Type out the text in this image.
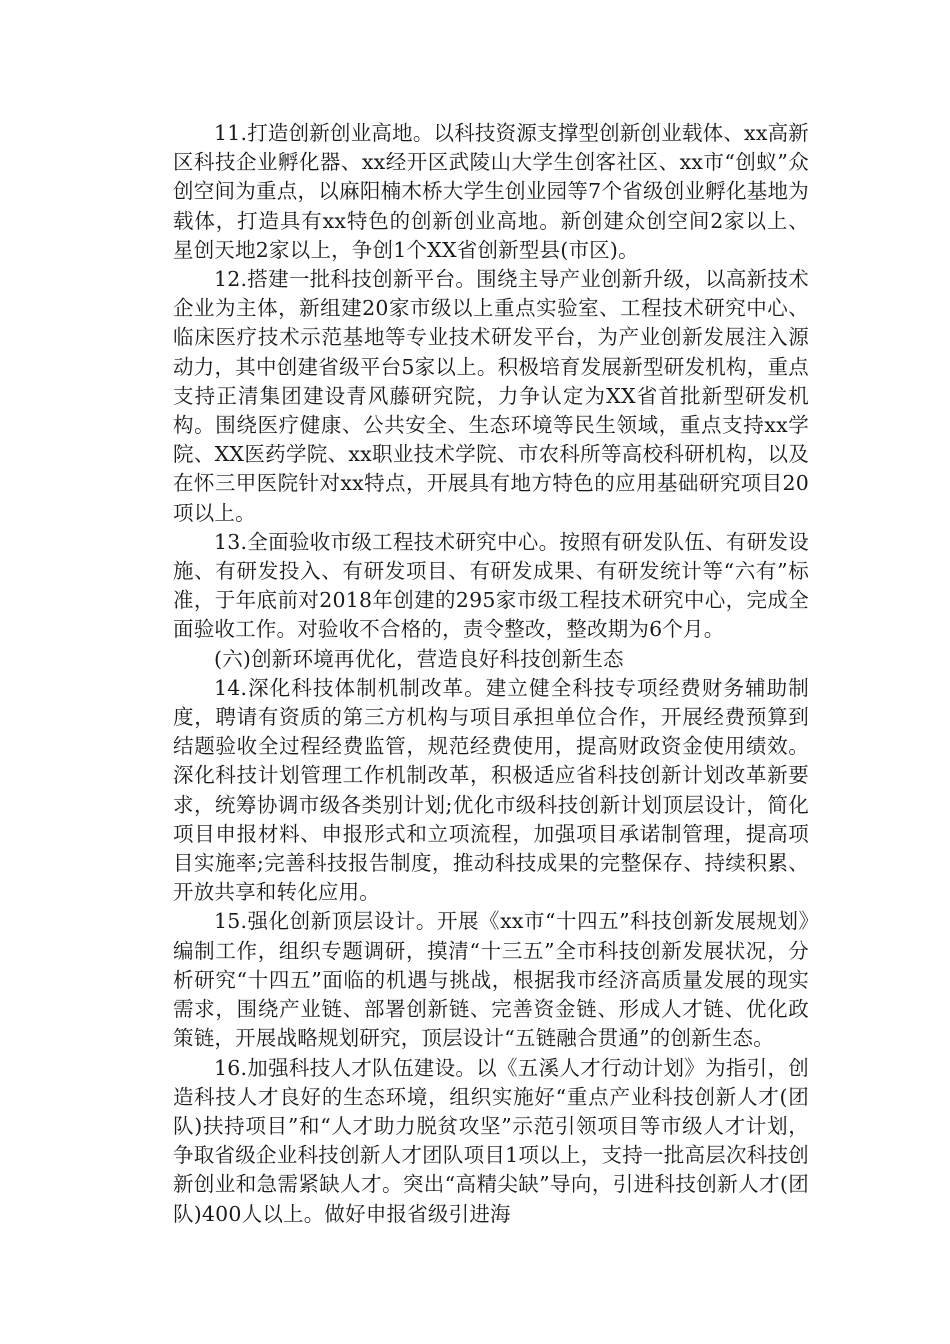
11.打造创新创业高地。以科技资源支撑型创新创业载体、xx高新区科技企业孵化器、xx经开区武陵山大学生创客社区、xx市“创蚁”众创空间为重点，以麻阳楠木桥大学生创业园等7个省级创业孵化基地为载体，打造具有xx特色的创新创业高地。新创建众创空间2家以上、星创天地2家以上，争创1个XX省创新型县(市区)。

12.搭建一批科技创新平台。围绕主导产业创新升级，以高新技术企业为主体，新组建20家市级以上重点实验室、工程技术研究中心、临床医疗技术示范基地等专业技术研发平台，为产业创新发展注入源动力，其中创建省级平台5家以上。积极培育发展新型研发机构，重点支持正清集团建设青风藤研究院，力争认定为XX省首批新型研发机构。围绕医疗健康、公共安全、生态环境等民生领域，重点支持xx学院、XX医药学院、xx职业技术学院、市农科所等高校科研机构，以及在怀三甲医院针对xx特点，开展具有地方特色的应用基础研究项目20项以上。

13.全面验收市级工程技术研究中心。按照有研发队伍、有研发设施、有研发投入、有研发项目、有研发成果、有研发统计等“六有”标准，于年底前对2018年创建的295家市级工程技术研究中心，完成全面验收工作。对验收不合格的，责令整改，整改期为6个月。

(六)创新环境再优化，营造良好科技创新生态

14.深化科技体制机制改革。建立健全科技专项经费财务辅助制度，聘请有资质的第三方机构与项目承担单位合作，开展经费预算到结题验收全过程经费监管，规范经费使用，提高财政资金使用绩效。深化科技计划管理工作机制改革，积极适应省科技创新计划改革新要求，统筹协调市级各类别计划;优化市级科技创新计划顶层设计，简化项目申报材料、申报形式和立项流程，加强项目承诺制管理，提高项目实施率;完善科技报告制度，推动科技成果的完整保存、持续积累、开放共享和转化应用。

15.强化创新顶层设计。开展《xx市“十四五”科技创新发展规划》编制工作，组织专题调研，摸清“十三五”全市科技创新发展状况，分析研究“十四五”面临的机遇与挑战，根据我市经济高质量发展的现实需求，围绕产业链、部署创新链、完善资金链、形成人才链、优化政策链，开展战略规划研究，顶层设计“五链融合贯通”的创新生态。

16.加强科技人才队伍建设。以《五溪人才行动计划》为指引，创造科技人才良好的生态环境，组织实施好“重点产业科技创新人才(团队)扶持项目”和“人才助力脱贫攻坚”示范引领项目等市级人才计划，争取省级企业科技创新人才团队项目1项以上，支持一批高层次科技创新创业和急需紧缺人才。突出“高精尖缺”导向，引进科技创新人才(团队)400人以上。做好申报省级引进海
